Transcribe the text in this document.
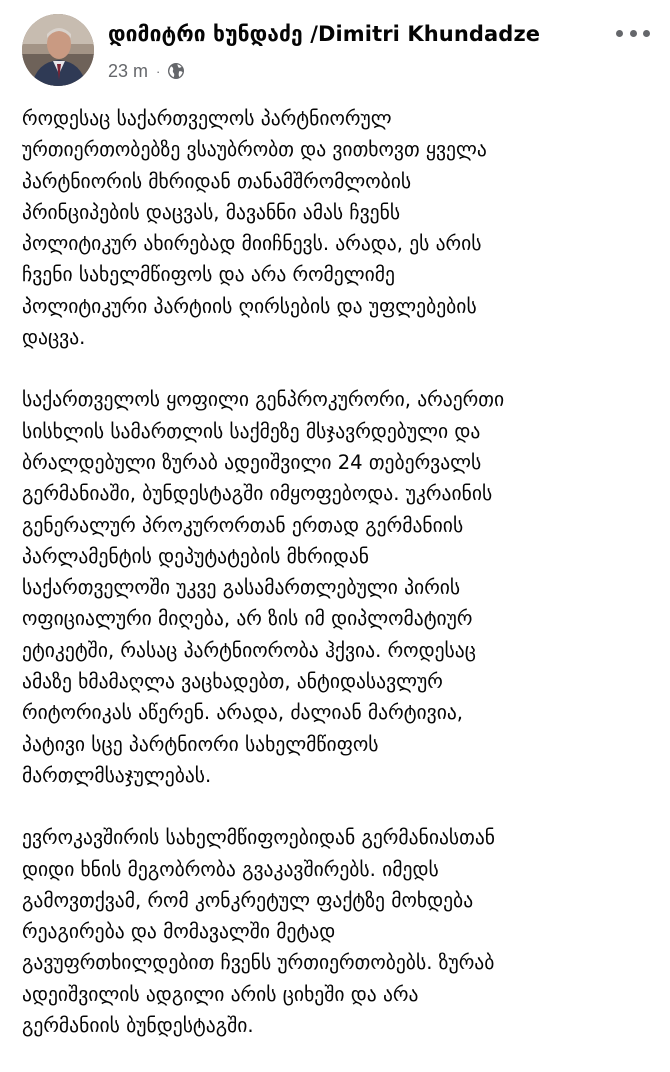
დიმიტრი ხუნდაძე /Dimitri Khundadze
23 m ·

როდესაც საქართველოს პარტნიორულ
ურთიერთობებზე ვსაუბრობთ და ვითხოვთ ყველა
პარტნიორის მხრიდან თანამშრომლობის
პრინციპების დაცვას, მავანნი ამას ჩვენს
პოლიტიკურ ახირებად მიიჩნევს. არადა, ეს არის
ჩვენი სახელმწიფოს და არა რომელიმე
პოლიტიკური პარტიის ღირსების და უფლებების
დაცვა.

საქართველოს ყოფილი გენპროკურორი, არაერთი
სისხლის სამართლის საქმეზე მსჯავრდებული და
ბრალდებული ზურაბ ადეიშვილი 24 თებერვალს
გერმანიაში, ბუნდესტაგში იმყოფებოდა. უკრაინის
გენერალურ პროკურორთან ერთად გერმანიის
პარლამენტის დეპუტატების მხრიდან
საქართველოში უკვე გასამართლებული პირის
ოფიციალური მიღება, არ ზის იმ დიპლომატიურ
ეტიკეტში, რასაც პარტნიორობა ჰქვია. როდესაც
ამაზე ხმამაღლა ვაცხადებთ, ანტიდასავლურ
რიტორიკას აწერენ. არადა, ძალიან მარტივია,
პატივი სცე პარტნიორი სახელმწიფოს
მართლმსაჯულებას.

ევროკავშირის სახელმწიფოებიდან გერმანიასთან
დიდი ხნის მეგობრობა გვაკავშირებს. იმედს
გამოვთქვამ, რომ კონკრეტულ ფაქტზე მოხდება
რეაგირება და მომავალში მეტად
გავუფრთხილდებით ჩვენს ურთიერთობებს. ზურაბ
ადეიშვილის ადგილი არის ციხეში და არა
გერმანიის ბუნდესტაგში.
